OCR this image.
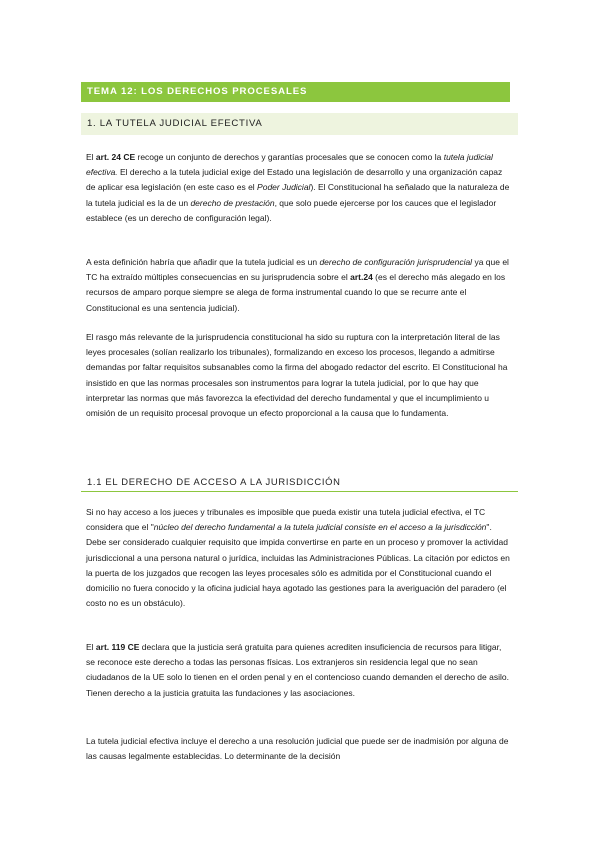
TEMA 12: LOS DERECHOS PROCESALES
1. LA TUTELA JUDICIAL EFECTIVA

El art. 24 CE recoge un conjunto de derechos y garantías procesales que se conocen como la tutela judicial efectiva. El derecho a la tutela judicial exige del Estado una legislación de desarrollo y una organización capaz de aplicar esa legislación (en este caso es el Poder Judicial). El Constitucional ha señalado que la naturaleza de la tutela judicial es la de un derecho de prestación, que solo puede ejercerse por los cauces que el legislador establece (es un derecho de configuración legal).

A esta definición habría que añadir que la tutela judicial es un derecho de configuración jurisprudencial ya que el TC ha extraído múltiples consecuencias en su jurisprudencia sobre el art.24 (es el derecho más alegado en los recursos de amparo porque siempre se alega de forma instrumental cuando lo que se recurre ante el Constitucional es una sentencia judicial).

El rasgo más relevante de la jurisprudencia constitucional ha sido su ruptura con la interpretación literal de las leyes procesales (solían realizarlo los tribunales), formalizando en exceso los procesos, llegando a admitirse demandas por faltar requisitos subsanables como la firma del abogado redactor del escrito. El Constitucional ha insistido en que las normas procesales son instrumentos para lograr la tutela judicial, por lo que hay que interpretar las normas que más favorezca la efectividad del derecho fundamental y que el incumplimiento u omisión de un requisito procesal provoque un efecto proporcional a la causa que lo fundamenta.

1.1 EL DERECHO DE ACCESO A LA JURISDICCIÓN

Si no hay acceso a los jueces y tribunales es imposible que pueda existir una tutela judicial efectiva, el TC considera que el "núcleo del derecho fundamental a la tutela judicial consiste en el acceso a la jurisdicción". Debe ser considerado cualquier requisito que impida convertirse en parte en un proceso y promover la actividad jurisdiccional a una persona natural o jurídica, incluidas las Administraciones Públicas. La citación por edictos en la puerta de los juzgados que recogen las leyes procesales sólo es admitida por el Constitucional cuando el domicilio no fuera conocido y la oficina judicial haya agotado las gestiones para la averiguación del paradero (el costo no es un obstáculo).

El art. 119 CE declara que la justicia será gratuita para quienes acrediten insuficiencia de recursos para litigar, se reconoce este derecho a todas las personas físicas. Los extranjeros sin residencia legal que no sean ciudadanos de la UE solo lo tienen en el orden penal y en el contencioso cuando demanden el derecho de asilo. Tienen derecho a la justicia gratuita las fundaciones y las asociaciones.

La tutela judicial efectiva incluye el derecho a una resolución judicial que puede ser de inadmisión por alguna de las causas legalmente establecidas. Lo determinante de la decisión
